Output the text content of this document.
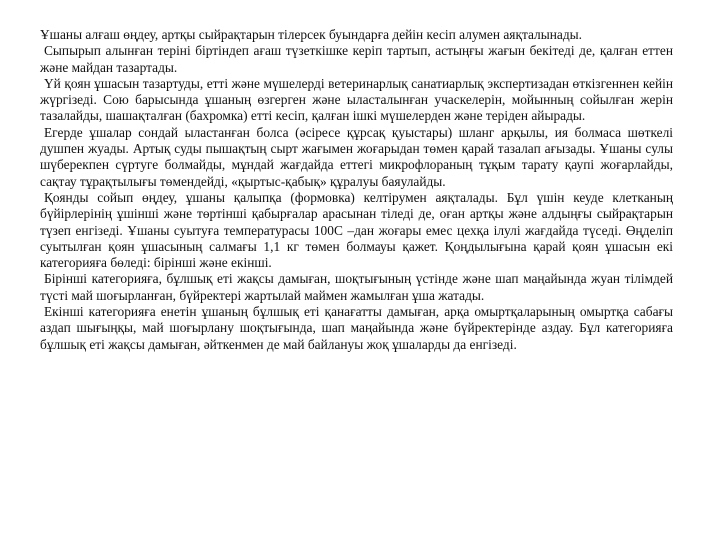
Ұшаны алғаш өңдеу, артқы сыйрақтарын тілерсек буындарға дейін кесіп алумен аяқталынады.

Сыпырып алынған теріні біртіндеп ағаш түзеткішке керіп тартып, астыңғы жағын бекітеді де, қалған еттен және майдан тазартады.

Үй қоян ұшасын тазартуды, етті және мүшелерді ветеринарлық санатиарлық экспертизадан өткізгеннен кейін жүргізеді. Сою барысында ұшаның өзгерген және ыласталынған учаскелерін, мойынның сойылған жерін тазалайды, шашақталған (бахромка) етті кесіп, қалған ішкі мүшелерден және теріден айырады.

Егерде ұшалар сондай ыластанған болса (әсіресе құрсақ қуыстары) шланг арқылы, ия болмаса шөткелі душпен жуады. Артық суды пышақтың сырт жағымен жоғарыдан төмен қарай тазалап ағызады. Ұшаны сулы шүберекпен сүртуге болмайды, мұндай жағдайда еттегі микрофлораның тұқым тарату қаупі жоғарлайды, сақтау тұрақтылығы төмендейді, «қыртыс-қабық» құралуы баяулайды.

Қоянды сойып өңдеу, ұшаны қалыпқа (формовка) келтірумен аяқталады. Бұл үшін кеуде клетканың бүйірлерінің ұшінші және төртінші қабырғалар арасынан тіледі де, оған артқы және алдыңғы сыйрақтарын түзеп енгізеді. Ұшаны суытуға температурасы 100С –дан жоғары емес цехқа ілулі жағдайда түседі. Өңделіп суытылған қоян ұшасының салмағы 1,1 кг төмен болмауы қажет. Қоңдылығына қарай қоян ұшасын екі категорияға бөледі: бірінші және екінші.

Бірінші категорияға, бұлшық еті жақсы дамыған, шоқтығының үстінде және шап маңайында жуан тілімдей түсті май шоғырланған, бүйректері жартылай маймен жамылған ұша жатады.

Екінші категорияға енетін ұшаның бұлшық еті қанағатты дамыған, арқа омыртқаларының омыртқа сабағы аздап шығыңқы, май шоғырлану шоқтығында, шап маңайында және бүйректерінде аздау. Бұл категорияға бұлшық еті жақсы дамыған, әйткенмен де май байлануы жоқ ұшаларды да енгізеді.
